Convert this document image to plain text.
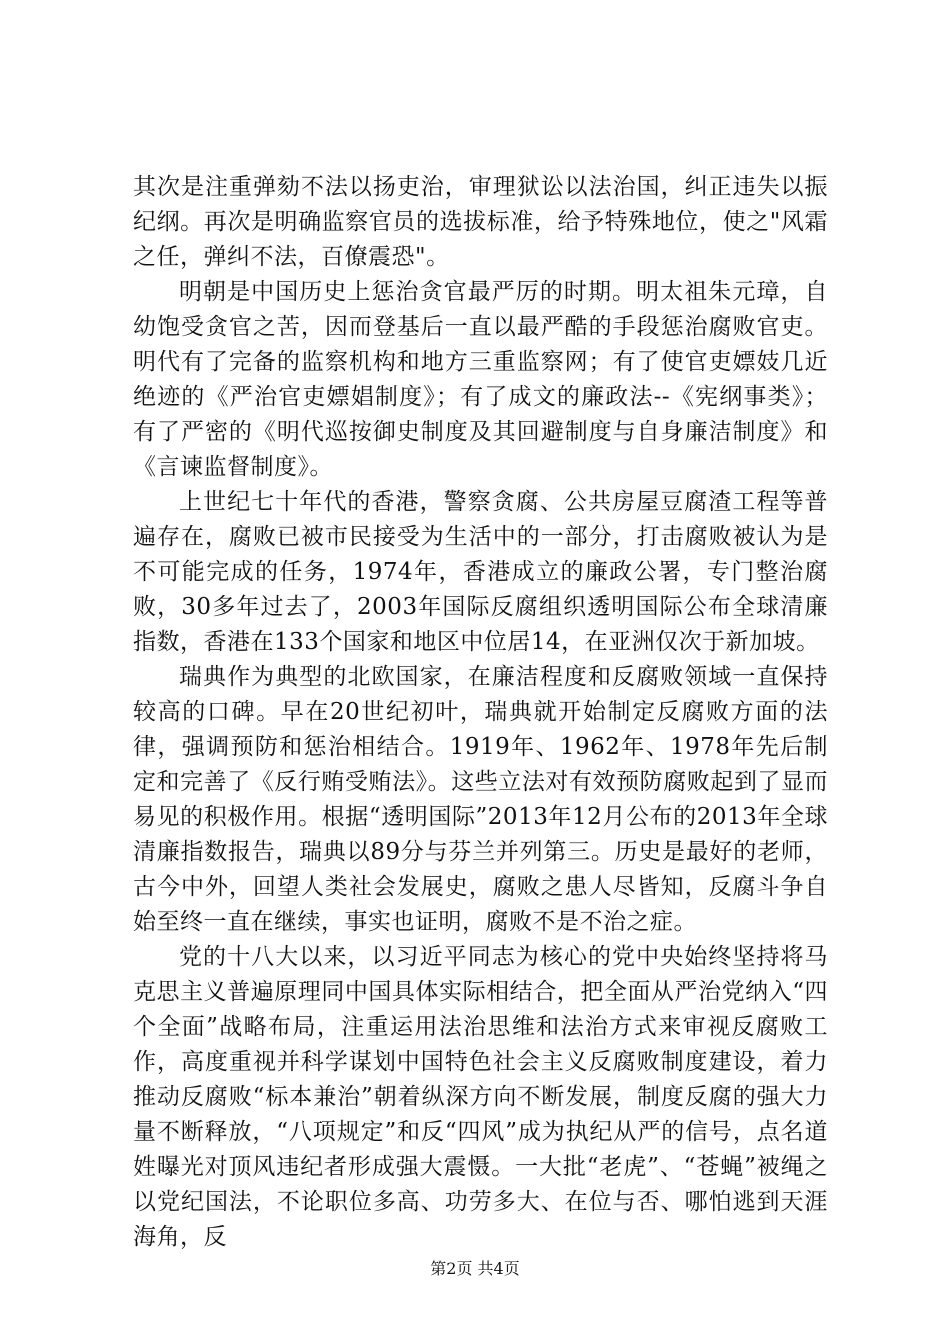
其次是注重弹劾不法以扬吏治，审理狱讼以法治国，纠正违失以振纪纲。再次是明确监察官员的选拔标准，给予特殊地位，使之"风霜之任，弹纠不法，百僚震恐"。

明朝是中国历史上惩治贪官最严厉的时期。明太祖朱元璋，自幼饱受贪官之苦，因而登基后一直以最严酷的手段惩治腐败官吏。明代有了完备的监察机构和地方三重监察网；有了使官吏嫖妓几近绝迹的《严治官吏嫖娼制度》；有了成文的廉政法--《宪纲事类》；有了严密的《明代巡按御史制度及其回避制度与自身廉洁制度》和《言谏监督制度》。

上世纪七十年代的香港，警察贪腐、公共房屋豆腐渣工程等普遍存在，腐败已被市民接受为生活中的一部分，打击腐败被认为是不可能完成的任务，1974年，香港成立的廉政公署，专门整治腐败，30多年过去了，2003年国际反腐组织透明国际公布全球清廉指数，香港在133个国家和地区中位居14，在亚洲仅次于新加坡。

瑞典作为典型的北欧国家，在廉洁程度和反腐败领域一直保持较高的口碑。早在20世纪初叶，瑞典就开始制定反腐败方面的法律，强调预防和惩治相结合。1919年、1962年、1978年先后制定和完善了《反行贿受贿法》。这些立法对有效预防腐败起到了显而易见的积极作用。根据“透明国际”2013年12月公布的2013年全球清廉指数报告，瑞典以89分与芬兰并列第三。历史是最好的老师，古今中外，回望人类社会发展史，腐败之患人尽皆知，反腐斗争自始至终一直在继续，事实也证明，腐败不是不治之症。

党的十八大以来，以习近平同志为核心的党中央始终坚持将马克思主义普遍原理同中国具体实际相结合，把全面从严治党纳入“四个全面”战略布局，注重运用法治思维和法治方式来审视反腐败工作，高度重视并科学谋划中国特色社会主义反腐败制度建设，着力推动反腐败“标本兼治”朝着纵深方向不断发展，制度反腐的强大力量不断释放，“八项规定”和反“四风”成为执纪从严的信号，点名道姓曝光对顶风违纪者形成强大震慑。一大批“老虎”、“苍蝇”被绳之以党纪国法，不论职位多高、功劳多大、在位与否、哪怕逃到天涯海角，反

第2页 共4页
